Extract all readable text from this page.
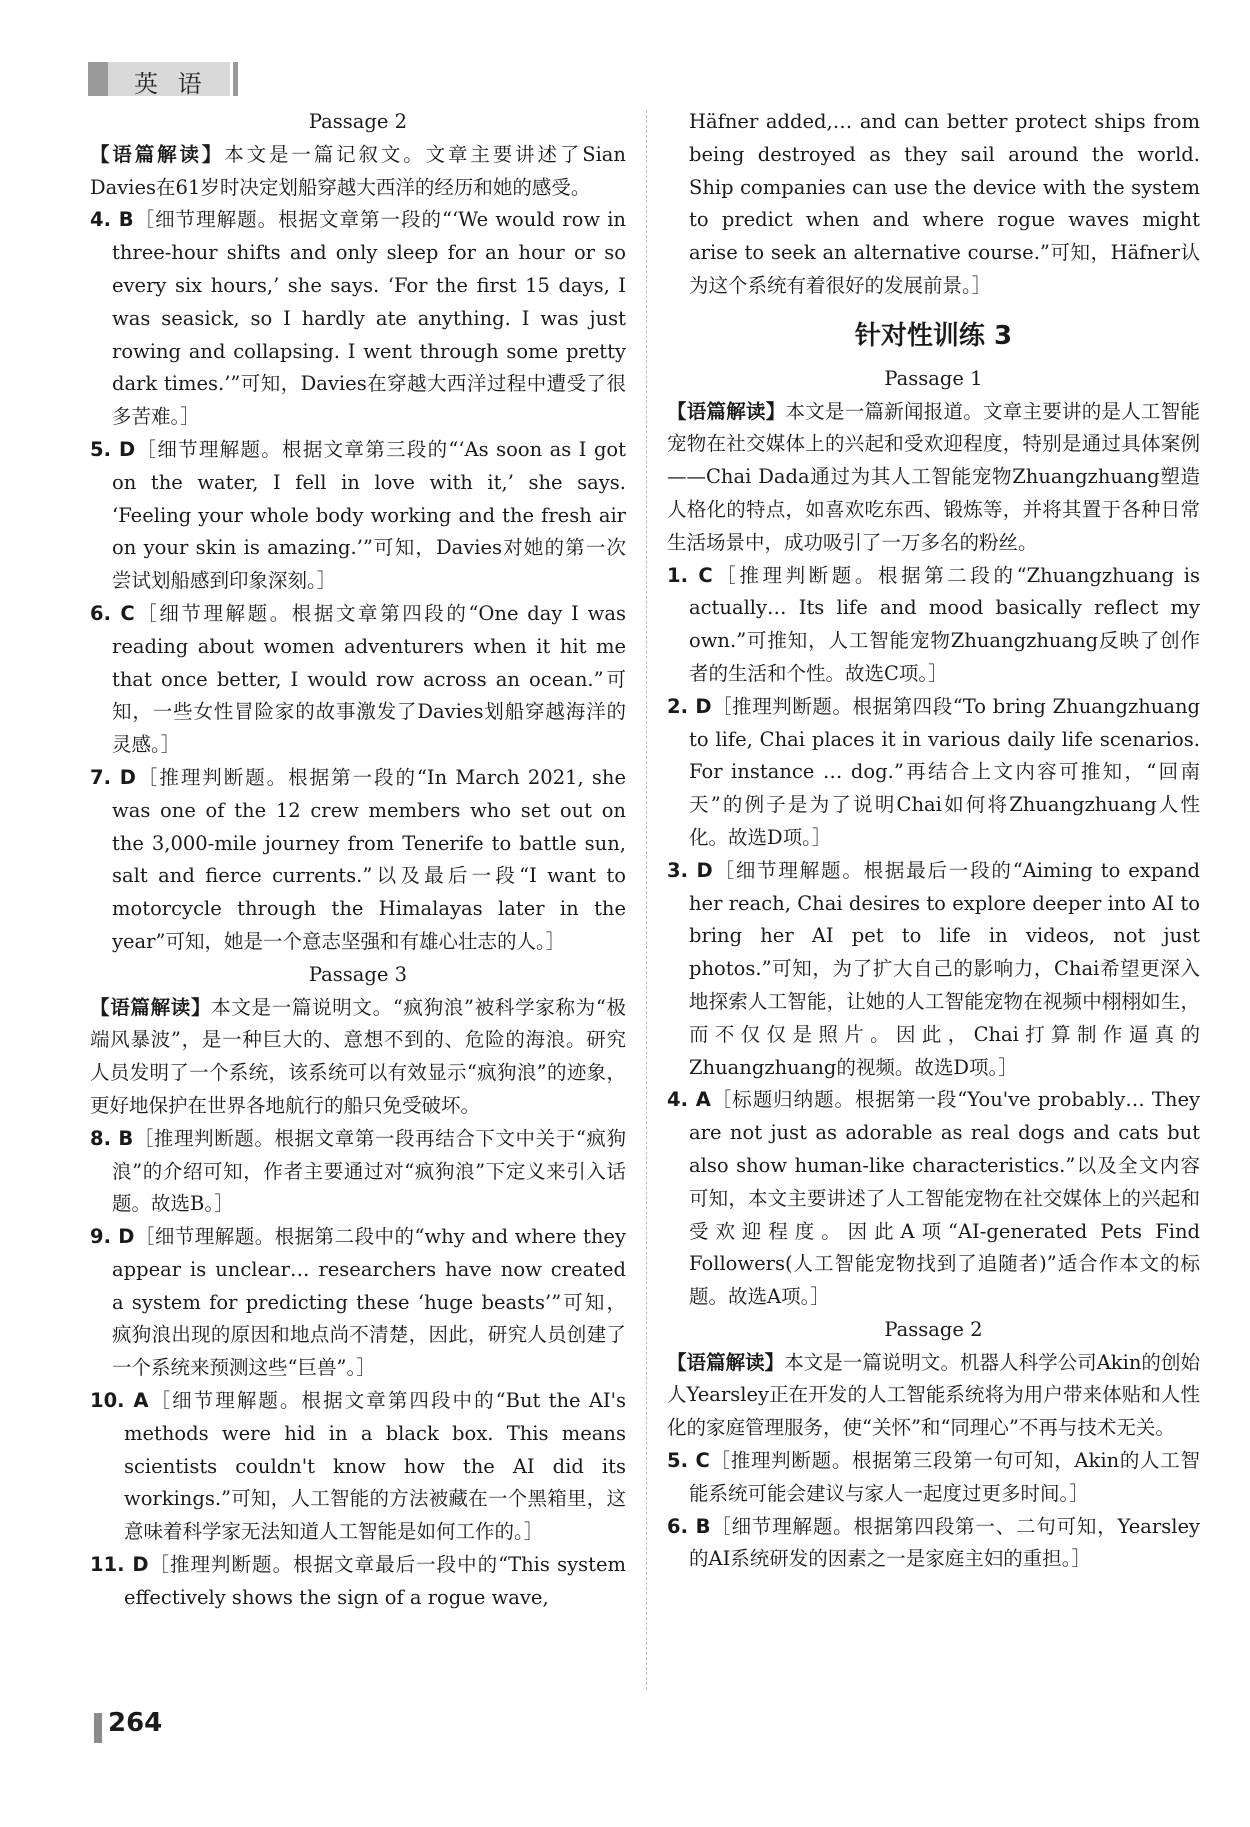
英 语

Passage 2

【语篇解读】本文是一篇记叙文。文章主要讲述了Sian Davies在61岁时决定划船穿越大西洋的经历和她的感受。

4. B［细节理解题。根据文章第一段的“‘We would row in three-hour shifts and only sleep for an hour or so every six hours,’ she says. ‘For the first 15 days, I was seasick, so I hardly ate anything. I was just rowing and collapsing. I went through some pretty dark times.’”可知，Davies在穿越大西洋过程中遭受了很多苦难。］

5. D［细节理解题。根据文章第三段的“‘As soon as I got on the water, I fell in love with it,’ she says. ‘Feeling your whole body working and the fresh air on your skin is amazing.’”可知，Davies对她的第一次尝试划船感到印象深刻。］

6. C［细节理解题。根据文章第四段的“One day I was reading about women adventurers when it hit me that once better, I would row across an ocean.”可知，一些女性冒险家的故事激发了Davies划船穿越海洋的灵感。］

7. D［推理判断题。根据第一段的“In March 2021, she was one of the 12 crew members who set out on the 3,000-mile journey from Tenerife to battle sun, salt and fierce currents.”以及最后一段“I want to motorcycle through the Himalayas later in the year”可知，她是一个意志坚强和有雄心壮志的人。］

Passage 3

【语篇解读】本文是一篇说明文。“疯狗浪”被科学家称为“极端风暴波”，是一种巨大的、意想不到的、危险的海浪。研究人员发明了一个系统，该系统可以有效显示“疯狗浪”的迹象，更好地保护在世界各地航行的船只免受破坏。

8. B［推理判断题。根据文章第一段再结合下文中关于“疯狗浪”的介绍可知，作者主要通过对“疯狗浪”下定义来引入话题。故选B。］

9. D［细节理解题。根据第二段中的“why and where they appear is unclear… researchers have now created a system for predicting these ‘huge beasts’”可知，疯狗浪出现的原因和地点尚不清楚，因此，研究人员创建了一个系统来预测这些“巨兽”。］

10. A［细节理解题。根据文章第四段中的“But the AI's methods were hid in a black box. This means scientists couldn't know how the AI did its workings.”可知，人工智能的方法被藏在一个黑箱里，这意味着科学家无法知道人工智能是如何工作的。］

11. D［推理判断题。根据文章最后一段中的“This system effectively shows the sign of a rogue wave,

Häfner added,… and can better protect ships from being destroyed as they sail around the world. Ship companies can use the device with the system to predict when and where rogue waves might arise to seek an alternative course.”可知，Häfner认为这个系统有着很好的发展前景。］

针对性训练 3

Passage 1

【语篇解读】本文是一篇新闻报道。文章主要讲的是人工智能宠物在社交媒体上的兴起和受欢迎程度，特别是通过具体案例——Chai Dada通过为其人工智能宠物Zhuangzhuang塑造人格化的特点，如喜欢吃东西、锻炼等，并将其置于各种日常生活场景中，成功吸引了一万多名的粉丝。

1. C［推理判断题。根据第二段的“Zhuangzhuang is actually… Its life and mood basically reflect my own.”可推知，人工智能宠物Zhuangzhuang反映了创作者的生活和个性。故选C项。］

2. D［推理判断题。根据第四段“To bring Zhuangzhuang to life, Chai places it in various daily life scenarios. For instance … dog.”再结合上文内容可推知，“回南天”的例子是为了说明Chai如何将Zhuangzhuang人性化。故选D项。］

3. D［细节理解题。根据最后一段的“Aiming to expand her reach, Chai desires to explore deeper into AI to bring her AI pet to life in videos, not just photos.”可知，为了扩大自己的影响力，Chai希望更深入地探索人工智能，让她的人工智能宠物在视频中栩栩如生，而不仅仅是照片。因此，Chai打算制作逼真的Zhuangzhuang的视频。故选D项。］

4. A［标题归纳题。根据第一段“You've probably… They are not just as adorable as real dogs and cats but also show human-like characteristics.”以及全文内容可知，本文主要讲述了人工智能宠物在社交媒体上的兴起和受欢迎程度。因此A项“AI-generated Pets Find Followers(人工智能宠物找到了追随者)”适合作本文的标题。故选A项。］

Passage 2

【语篇解读】本文是一篇说明文。机器人科学公司Akin的创始人Yearsley正在开发的人工智能系统将为用户带来体贴和人性化的家庭管理服务，使“关怀”和“同理心”不再与技术无关。

5. C［推理判断题。根据第三段第一句可知，Akin的人工智能系统可能会建议与家人一起度过更多时间。］

6. B［细节理解题。根据第四段第一、二句可知，Yearsley的AI系统研发的因素之一是家庭主妇的重担。］

264
